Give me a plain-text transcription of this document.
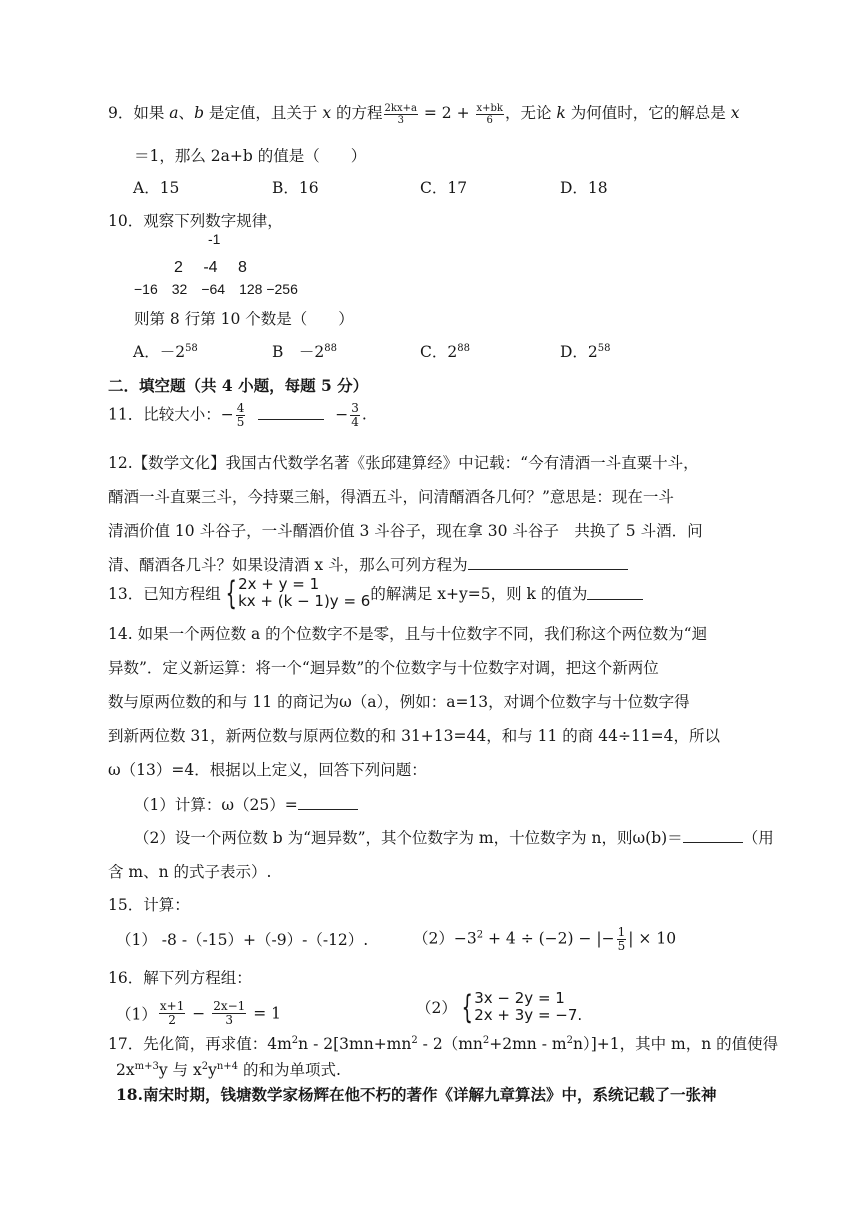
9．如果 a、b 是定值，且关于 x 的方程 $\frac{2kx+a}{3} = 2 + \frac{x+bk}{6}$ ，无论 k 为何值时，它的解总是 x
＝1，那么 2a+b 的值是（　　）
A．15	B．16	C．17	D．18
10．观察下列数字规律，
-1
2　 -4　 8
−16　32　−64　128 −256
则第 8 行第 10 个数是（　　）
A．$-2^{58}$	B　$-2^{88}$	C．$2^{88}$	D．$2^{58}$
二．填空题（共 4 小题，每题 5 分）
11．比较大小：− $\frac{4}{5}$	− $\frac{3}{4}$ .
12.【数学文化】我国古代数学名著《张邱建算经》中记载：“今有清酒一斗直粟十斗，
醑酒一斗直粟三斗，今持粟三斛，得酒五斗，问清醑酒各几何？”意思是：现在一斗
清酒价值 10 斗谷子，一斗醑酒价值 3 斗谷子，现在拿 30 斗谷子　共换了 5 斗酒．问
清、醑酒各几斗？如果设清酒 x 斗，那么可列方程为
13．已知方程组 { 2x + y = 1
kx + (k − 1)y = 6 的解满足 x+y=5，则 k 的值为
14. 如果一个两位数 a 的个位数字不是零，且与十位数字不同，我们称这个两位数为“迴
异数”．定义新运算：将一个“迴异数”的个位数字与十位数字对调，把这个新两位
数与原两位数的和与 11 的商记为ω（a），例如：a=13，对调个位数字与十位数字得
到新两位数 31，新两位数与原两位数的和 31+13=44，和与 11 的商 44÷11=4，所以
ω（13）=4．根据以上定义，回答下列问题：
（1）计算：ω（25）=
（2）设一个两位数 b 为“迴异数”，其个位数字为 m，十位数字为 n，则ω(b)＝	（用
含 m、n 的式子表示）.
15．计算：
（1） -8 -（-15）+（-9）-（-12）.	$(2)-3^2 + 4 \div (-2)$ − |− $\frac{1}{5}$ | × 10
16．解下列方程组：
$(1) \frac{x+1}{2} - \frac{2x-1}{3} = 1$	（2） { 3x − 2y = 1
2x + 3y = −7.
17．先化简，再求值：$4m^2n - 2[3mn+mn^2 - 2(mn^2+2mn - m^2n)]+1$，其中 m，n 的值使得
$2x^{m+3}y$ 与 $x^2y^{n+4}$ 的和为单项式.
18.南宋时期，钱塘数学家杨辉在他不朽的著作《详解九章算法》中，系统记载了一张神
